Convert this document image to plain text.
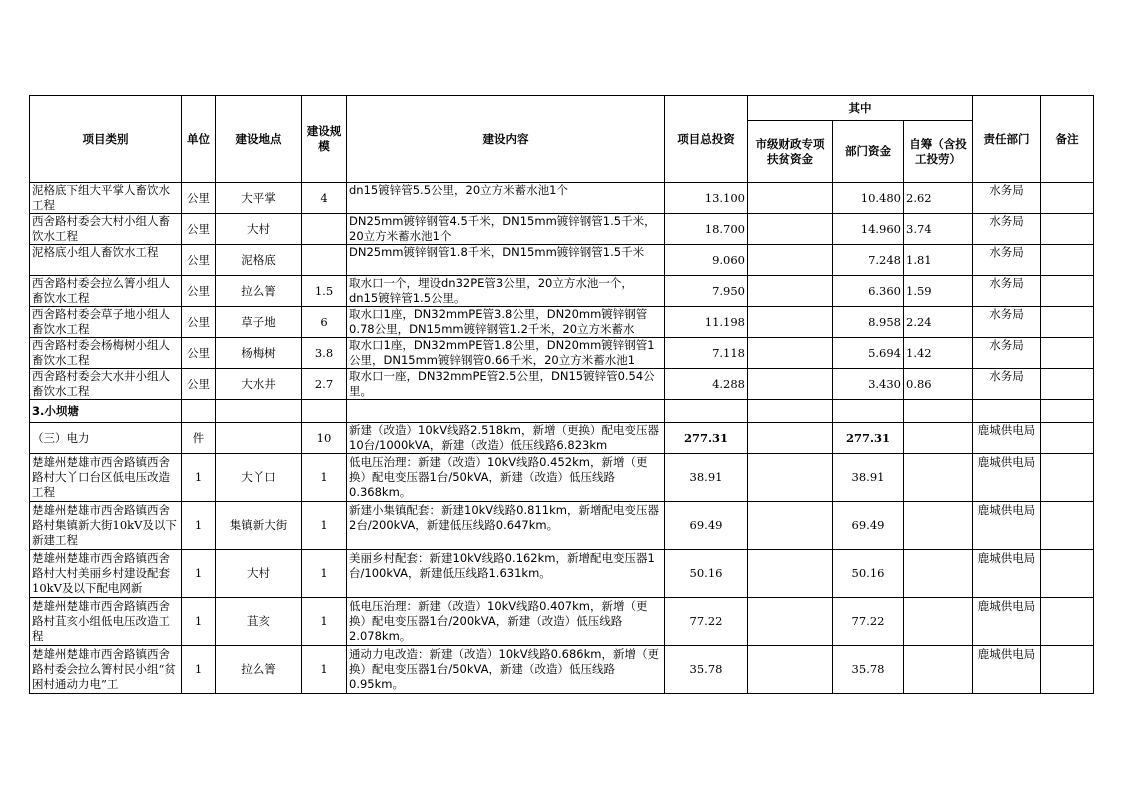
项目类别	单位	建设地点	建设规模	建设内容	项目总投资	其中			责任部门	备注
						市级财政专项扶贫资金	部门资金	自筹（含投工投劳）		

泥格底下组大平掌人畜饮水工程	公里	大平掌	4	dn15镀锌管5.5公里，20立方米蓄水池1个	13.100		10.480	2.62	水务局	

西舍路村委会大村小组人畜饮水工程	公里	大村		DN25mm镀锌钢管4.5千米，DN15mm镀锌钢管1.5千米，20立方米蓄水池1个	18.700		14.960	3.74	水务局	

泥格底小组人畜饮水工程	公里	泥格底		DN25mm镀锌钢管1.8千米，DN15mm镀锌钢管1.5千米	9.060		7.248	1.81	水务局	

西舍路村委会拉么箐小组人畜饮水工程	公里	拉么箐	1.5	取水口一个，埋设dn32PE管3公里，20立方水池一个，dn15镀锌管1.5公里。	7.950		6.360	1.59	水务局	

西舍路村委会草子地小组人畜饮水工程	公里	草子地	6	取水口1座，DN32mmPE管3.8公里，DN20mm镀锌钢管0.78公里，DN15mm镀锌钢管1.2千米，20立方米蓄水	11.198		8.958	2.24	水务局	

西舍路村委会杨梅树小组人畜饮水工程	公里	杨梅树	3.8	取水口1座，DN32mmPE管1.8公里，DN20mm镀锌钢管1公里，DN15mm镀锌钢管0.66千米，20立方米蓄水池1	7.118		5.694	1.42	水务局	

西舍路村委会大水井小组人畜饮水工程	公里	大水井	2.7	取水口一座，DN32mmPE管2.5公里，DN15镀锌管0.54公里。	4.288		3.430	0.86	水务局	

3.小坝塘										
（三）电力	件		10	新建（改造）10kV线路2.518km，新增（更换）配电变压器10台/1000kVA，新建（改造）低压线路6.823km	277.31		277.31		鹿城供电局	

楚雄州楚雄市西舍路镇西舍路村大丫口台区低电压改造工程	1	大丫口	1	低电压治理：新建（改造）10kV线路0.452km，新增（更换）配电变压器1台/50kVA，新建（改造）低压线路0.368km。	38.91		38.91		鹿城供电局	

楚雄州楚雄市西舍路镇西舍路村集镇新大街10kV及以下新建工程	1	集镇新大街	1	新建小集镇配套：新建10kV线路0.811km，新增配电变压器2台/200kVA，新建低压线路0.647km。	69.49		69.49		鹿城供电局	

楚雄州楚雄市西舍路镇西舍路村大村美丽乡村建设配套10kV及以下配电网新	1	大村	1	美丽乡村配套：新建10kV线路0.162km，新增配电变压器1台/100kVA，新建低压线路1.631km。	50.16		50.16		鹿城供电局	

楚雄州楚雄市西舍路镇西舍路村苴亥小组低电压改造工程	1	苴亥	1	低电压治理：新建（改造）10kV线路0.407km，新增（更换）配电变压器1台/200kVA，新建（改造）低压线路2.078km。	77.22		77.22		鹿城供电局	

楚雄州楚雄市西舍路镇西舍路村委会拉么箐村民小组“贫困村通动力电”工	1	拉么箐	1	通动力电改造：新建（改造）10kV线路0.686km，新增（更换）配电变压器1台/50kVA，新建（改造）低压线路0.95km。	35.78		35.78		鹿城供电局	
